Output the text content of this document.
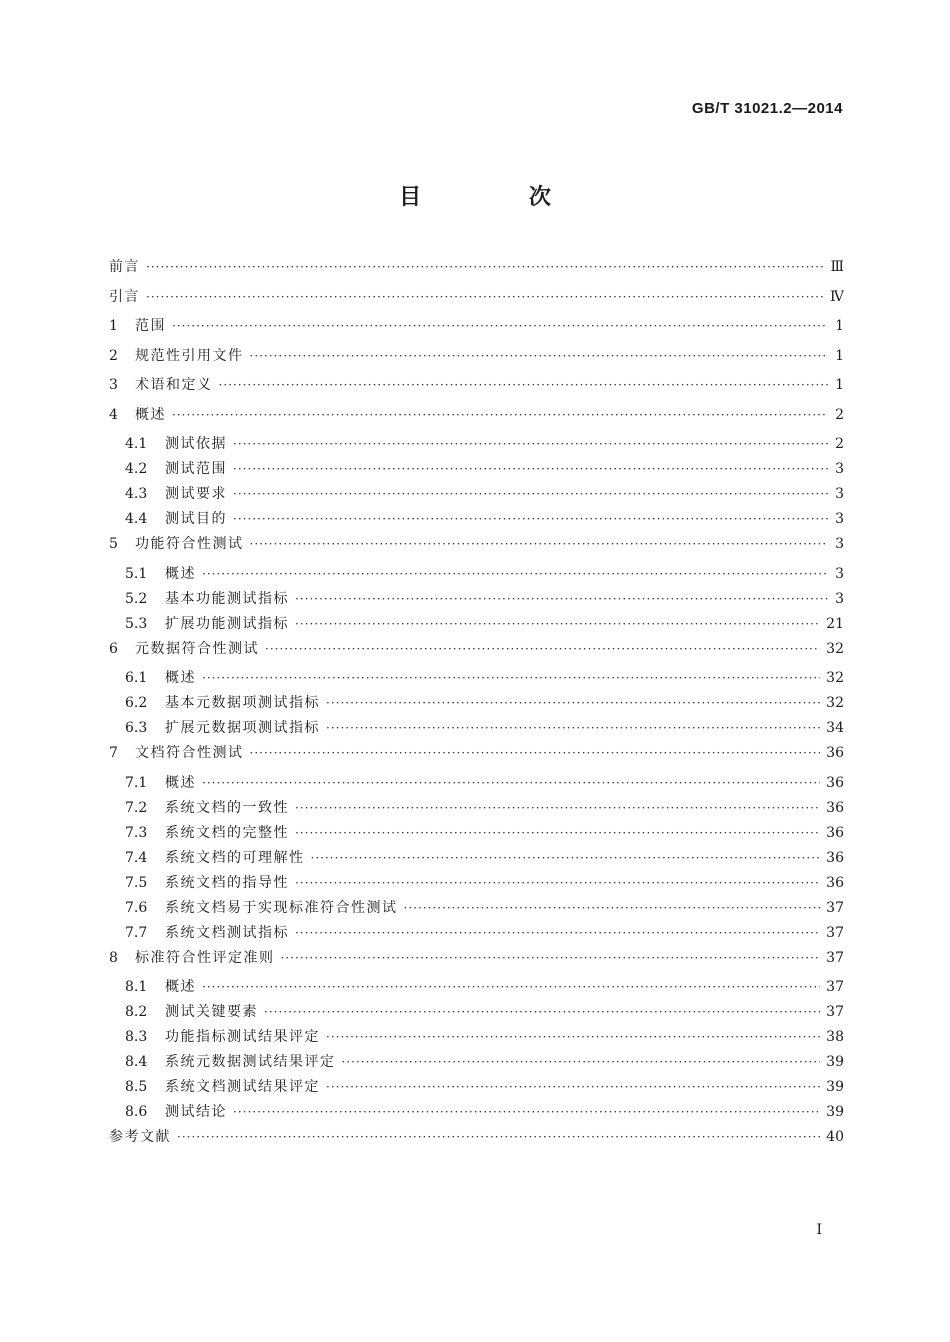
GB/T 31021.2—2014
目 次
前言 ·····	Ⅲ
引言 ·····	Ⅳ
1	范围 ·····	1
2	规范性引用文件 ·····	1
3	术语和定义 ·····	1
4	概述 ·····	2
4.1	测试依据 ·····	2
4.2	测试范围 ·····	3
4.3	测试要求 ·····	3
4.4	测试目的 ·····	3
5	功能符合性测试 ·····	3
5.1	概述 ·····	3
5.2	基本功能测试指标 ·····	3
5.3	扩展功能测试指标 ·····	21
6	元数据符合性测试 ·····	32
6.1	概述 ·····	32
6.2	基本元数据项测试指标 ·····	32
6.3	扩展元数据项测试指标 ·····	34
7	文档符合性测试 ·····	36
7.1	概述 ·····	36
7.2	系统文档的一致性 ·····	36
7.3	系统文档的完整性 ·····	36
7.4	系统文档的可理解性 ·····	36
7.5	系统文档的指导性 ·····	36
7.6	系统文档易于实现标准符合性测试 ·····	37
7.7	系统文档测试指标 ·····	37
8	标准符合性评定准则 ·····	37
8.1	概述 ·····	37
8.2	测试关键要素 ·····	37
8.3	功能指标测试结果评定 ·····	38
8.4	系统元数据测试结果评定 ·····	39
8.5	系统文档测试结果评定 ·····	39
8.6	测试结论 ·····	39
参考文献 ·····	40
I
